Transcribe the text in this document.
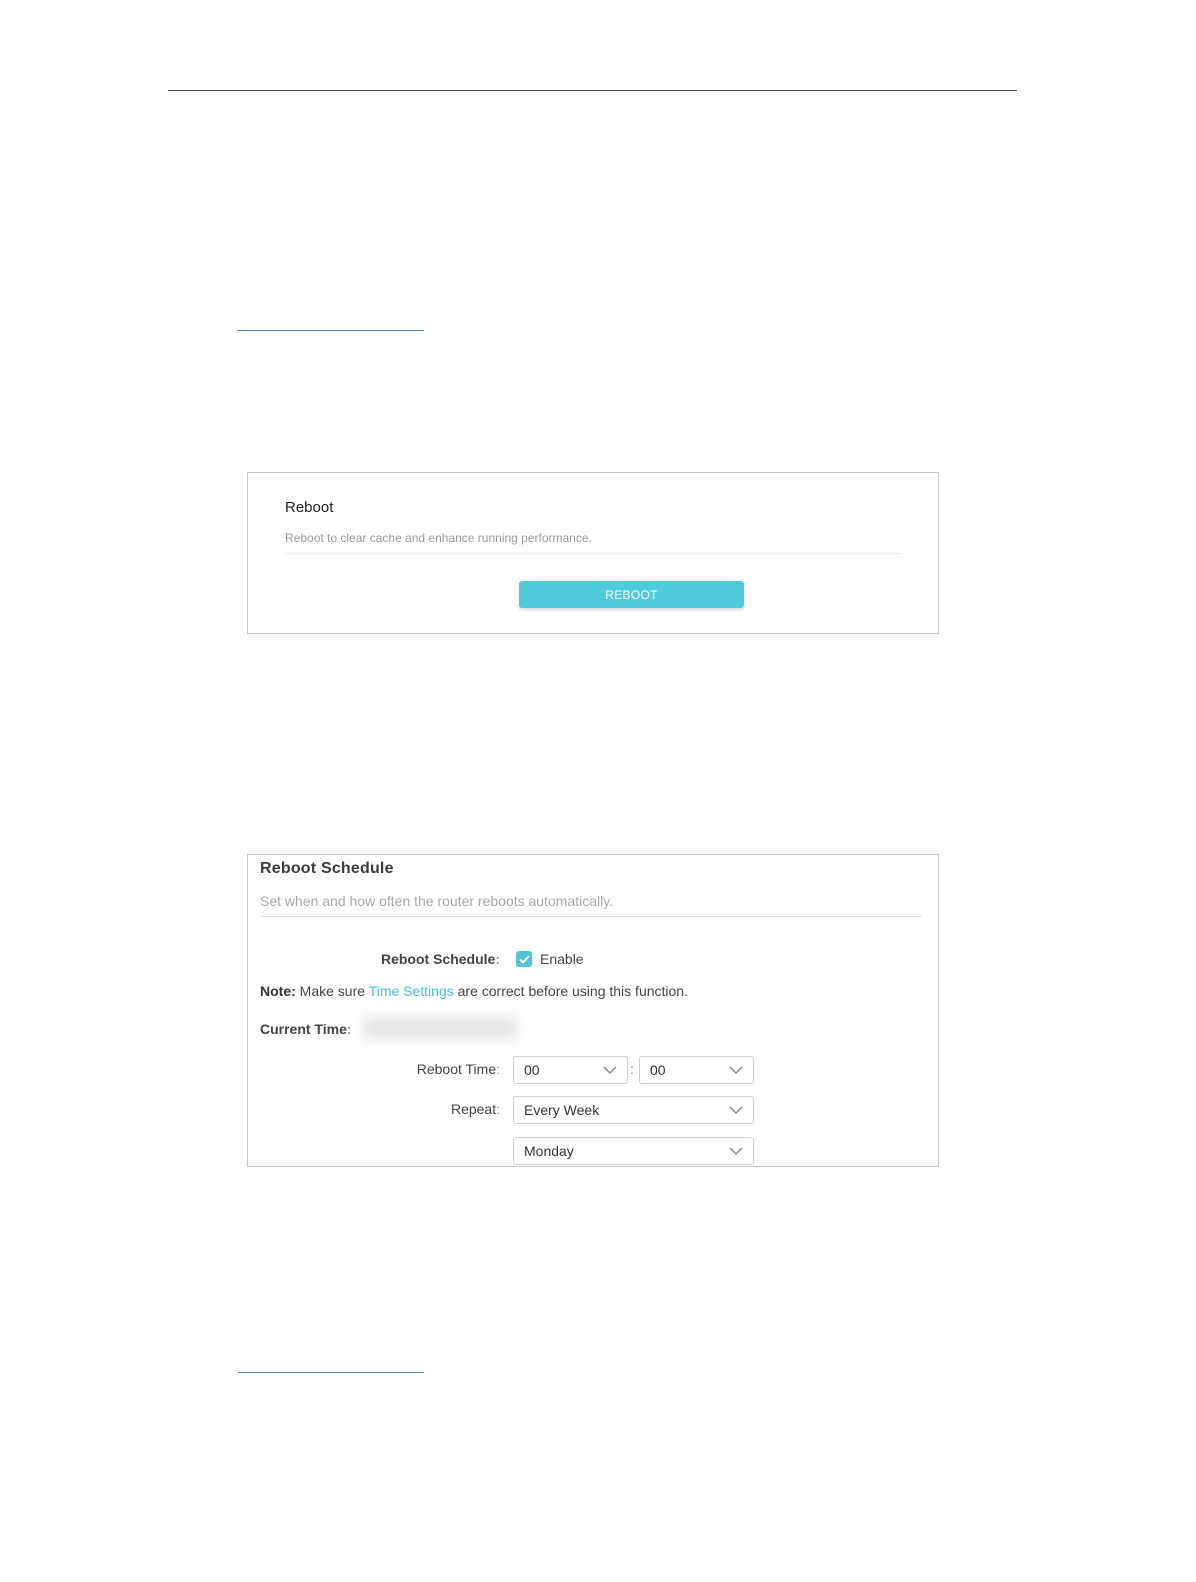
Reboot
Reboot to clear cache and enhance running performance.
REBOOT
Reboot Schedule
Set when and how often the router reboots automatically.
Reboot Schedule:	Enable
Note: Make sure Time Settings are correct before using this function.
Current Time:
Reboot Time: 00	: 00
Repeat: Every Week
Monday
